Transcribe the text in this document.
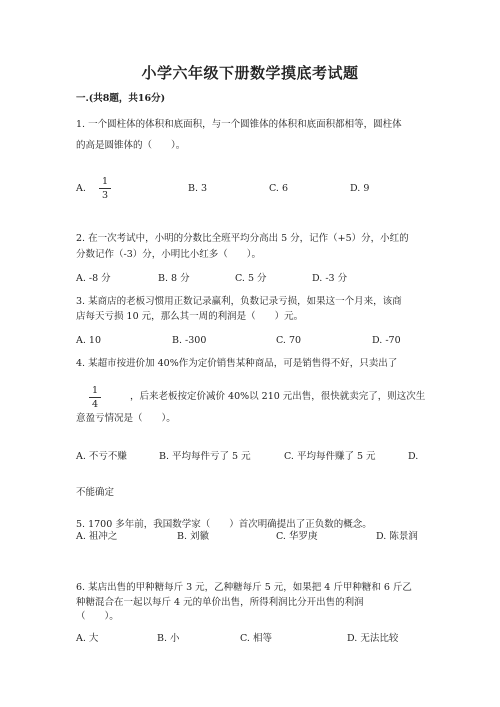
小学六年级下册数学摸底考试题
一.(共8题，共16分)
1. 一个圆柱体的体积和底面积，与一个圆锥体的体积和底面积都相等，圆柱体
的高是圆锥体的（　　）。
A.
1
3
B. 3	C. 6	D. 9
2. 在一次考试中，小明的分数比全班平均分高出 5 分，记作（+5）分，小红的
分数记作（-3）分，小明比小红多（　　）。
A. -8 分	B. 8 分	C. 5 分	D. -3 分
3. 某商店的老板习惯用正数记录赢利，负数记录亏损，如果这一个月来，该商
店每天亏损 10 元，那么其一周的利润是（　　）元。
A. 10	B. -300	C. 70	D. -70
4. 某超市按进价加 40%作为定价销售某种商品，可是销售得不好，只卖出了
1
4
，后来老板按定价减价 40%以 210 元出售，很快就卖完了，则这次生
意盈亏情况是（　　）。
A. 不亏不赚	B. 平均每件亏了 5 元	C. 平均每件赚了 5 元	D.
不能确定
5. 1700 多年前，我国数学家（　　）首次明确提出了正负数的概念。
A. 祖冲之	B. 刘徽	C. 华罗庚	D. 陈景润
6. 某店出售的甲种糖每斤 3 元，乙种糖每斤 5 元，如果把 4 斤甲种糖和 6 斤乙
种糖混合在一起以每斤 4 元的单价出售，所得利润比分开出售的利润
（　　）。
A. 大	B. 小	C. 相等	D. 无法比较
